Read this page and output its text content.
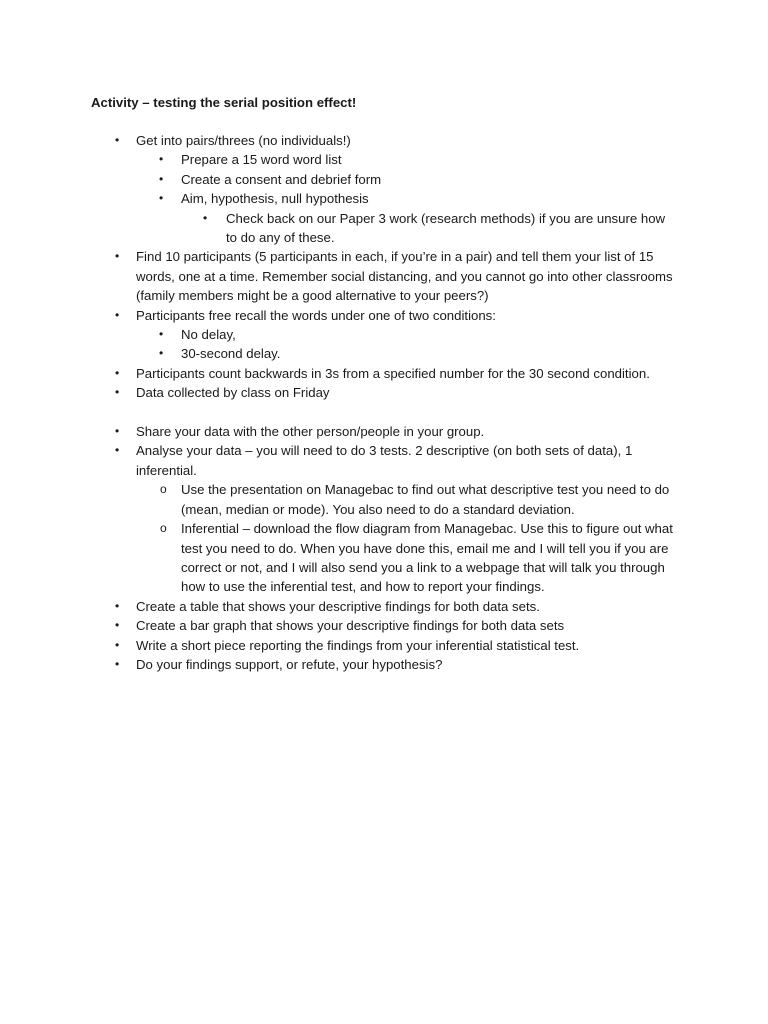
Activity – testing the serial position effect!
• Get into pairs/threes (no individuals!)
• Prepare a 15 word word list
• Create a consent and debrief form
• Aim, hypothesis, null hypothesis
• Check back on our Paper 3 work (research methods) if you are unsure how to do any of these.
• Find 10 participants (5 participants in each, if you’re in a pair) and tell them your list of 15 words, one at a time. Remember social distancing, and you cannot go into other classrooms (family members might be a good alternative to your peers?)
• Participants free recall the words under one of two conditions:
• No delay,
• 30-second delay.
• Participants count backwards in 3s from a specified number for the 30 second condition.
• Data collected by class on Friday
• Share your data with the other person/people in your group.
• Analyse your data – you will need to do 3 tests. 2 descriptive (on both sets of data), 1 inferential.
o Use the presentation on Managebac to find out what descriptive test you need to do (mean, median or mode). You also need to do a standard deviation.
o Inferential – download the flow diagram from Managebac. Use this to figure out what test you need to do. When you have done this, email me and I will tell you if you are correct or not, and I will also send you a link to a webpage that will talk you through how to use the inferential test, and how to report your findings.
• Create a table that shows your descriptive findings for both data sets.
• Create a bar graph that shows your descriptive findings for both data sets
• Write a short piece reporting the findings from your inferential statistical test.
• Do your findings support, or refute, your hypothesis?
